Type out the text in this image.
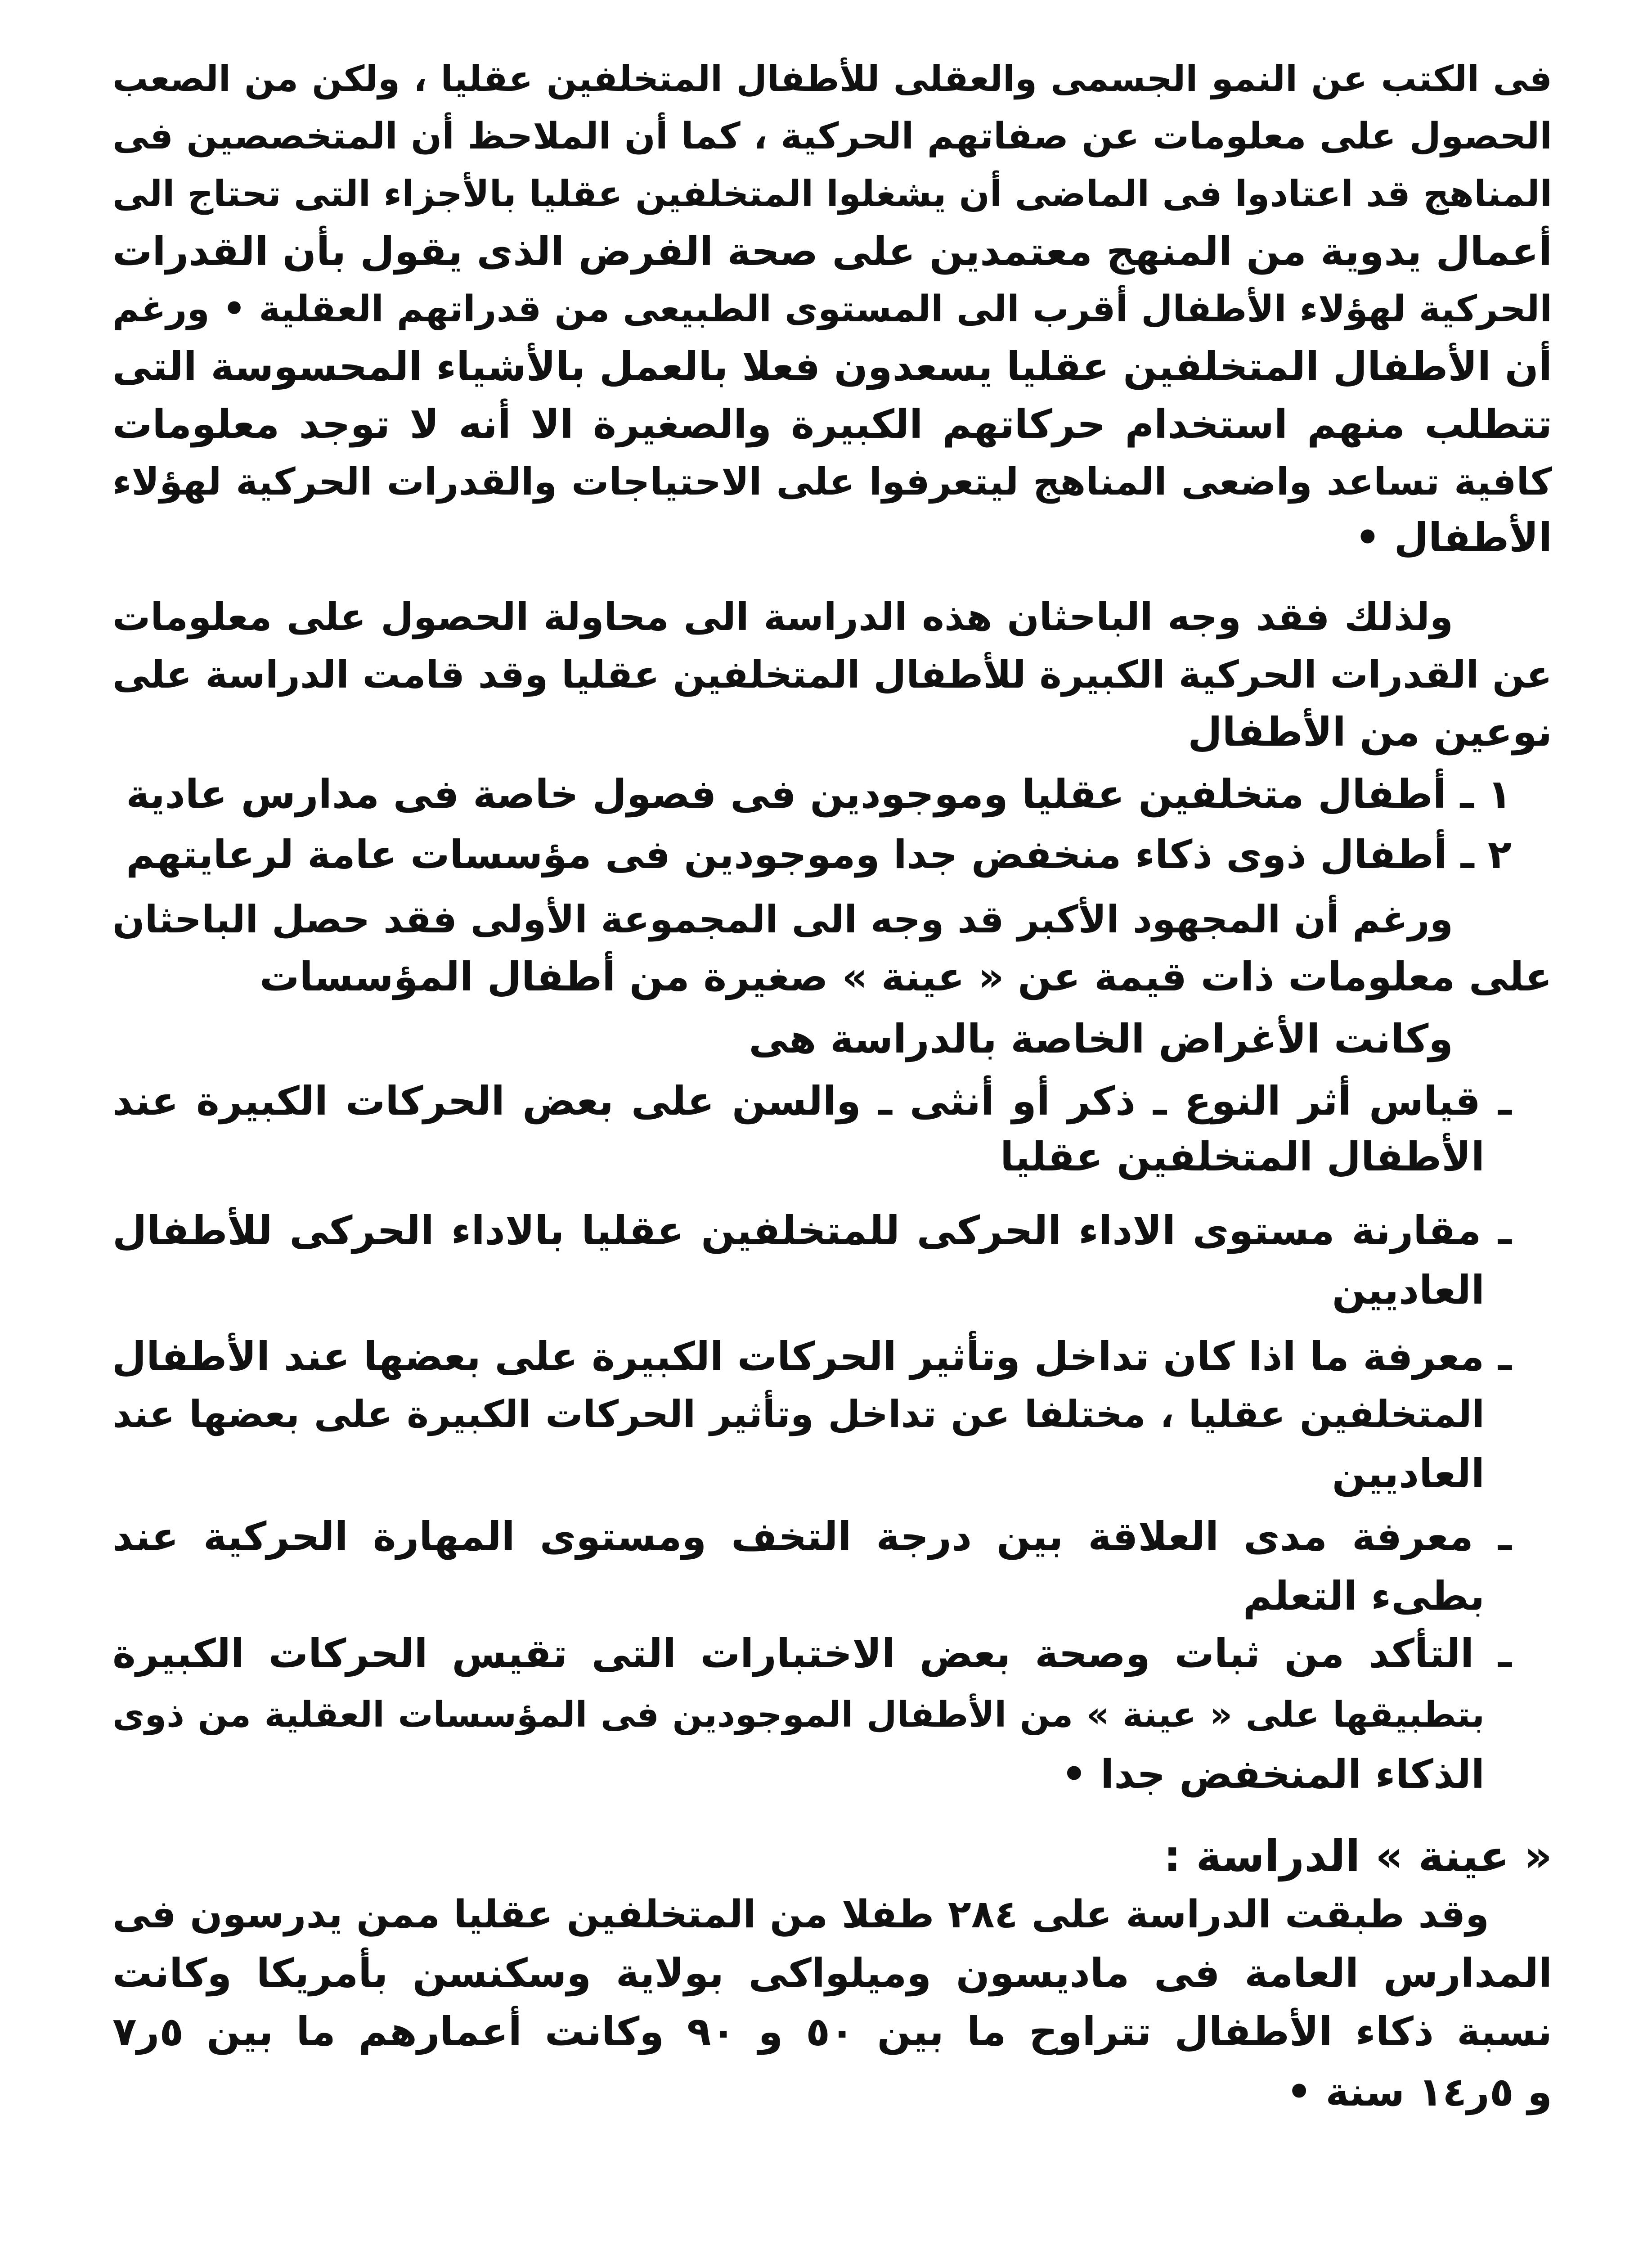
فى الكتب عن النمو الجسمى والعقلى للأطفال المتخلفين عقليا ، ولكن من الصعب
الحصول على معلومات عن صفاتهم الحركية ، كما أن الملاحظ أن المتخصصين فى
المناهج قد اعتادوا فى الماضى أن يشغلوا المتخلفين عقليا بالأجزاء التى تحتاج الى
أعمال يدوية من المنهج معتمدين على صحة الفرض الذى يقول بأن القدرات
الحركية لهؤلاء الأطفال أقرب الى المستوى الطبيعى من قدراتهم العقلية • ورغم
أن الأطفال المتخلفين عقليا يسعدون فعلا بالعمل بالأشياء المحسوسة التى
تتطلب منهم استخدام حركاتهم الكبيرة والصغيرة الا أنه لا توجد معلومات
كافية تساعد واضعى المناهج ليتعرفوا على الاحتياجات والقدرات الحركية لهؤلاء
الأطفال •
ولذلك فقد وجه الباحثان هذه الدراسة الى محاولة الحصول على معلومات
عن القدرات الحركية الكبيرة للأطفال المتخلفين عقليا وقد قامت الدراسة على
نوعين من الأطفال
١ ـ أطفال متخلفين عقليا وموجودين فى فصول خاصة فى مدارس عادية
٢ ـ أطفال ذوى ذكاء منخفض جدا وموجودين فى مؤسسات عامة لرعايتهم
ورغم أن المجهود الأكبر قد وجه الى المجموعة الأولى فقد حصل الباحثان
على معلومات ذات قيمة عن « عينة » صغيرة من أطفال المؤسسات
وكانت الأغراض الخاصة بالدراسة هى
ـ قياس أثر النوع ـ ذكر أو أنثى ـ والسن على بعض الحركات الكبيرة عند
الأطفال المتخلفين عقليا
ـ مقارنة مستوى الاداء الحركى للمتخلفين عقليا بالاداء الحركى للأطفال
العاديين
ـ معرفة ما اذا كان تداخل وتأثير الحركات الكبيرة على بعضها عند الأطفال
المتخلفين عقليا ، مختلفا عن تداخل وتأثير الحركات الكبيرة على بعضها عند
العاديين
ـ معرفة مدى العلاقة بين درجة التخف ومستوى المهارة الحركية عند
بطىء التعلم
ـ التأكد من ثبات وصحة بعض الاختبارات التى تقيس الحركات الكبيرة
بتطبيقها على « عينة » من الأطفال الموجودين فى المؤسسات العقلية من ذوى
الذكاء المنخفض جدا •
« عينة » الدراسة :
وقد طبقت الدراسة على ٢٨٤ طفلا من المتخلفين عقليا ممن يدرسون فى
المدارس العامة فى ماديسون وميلواكى بولاية وسكنسن بأمريكا وكانت
نسبة ذكاء الأطفال تتراوح ما بين ٥٠ و ٩٠ وكانت أعمارهم ما بين ٥ر٧
و ٥ر١٤ سنة •
